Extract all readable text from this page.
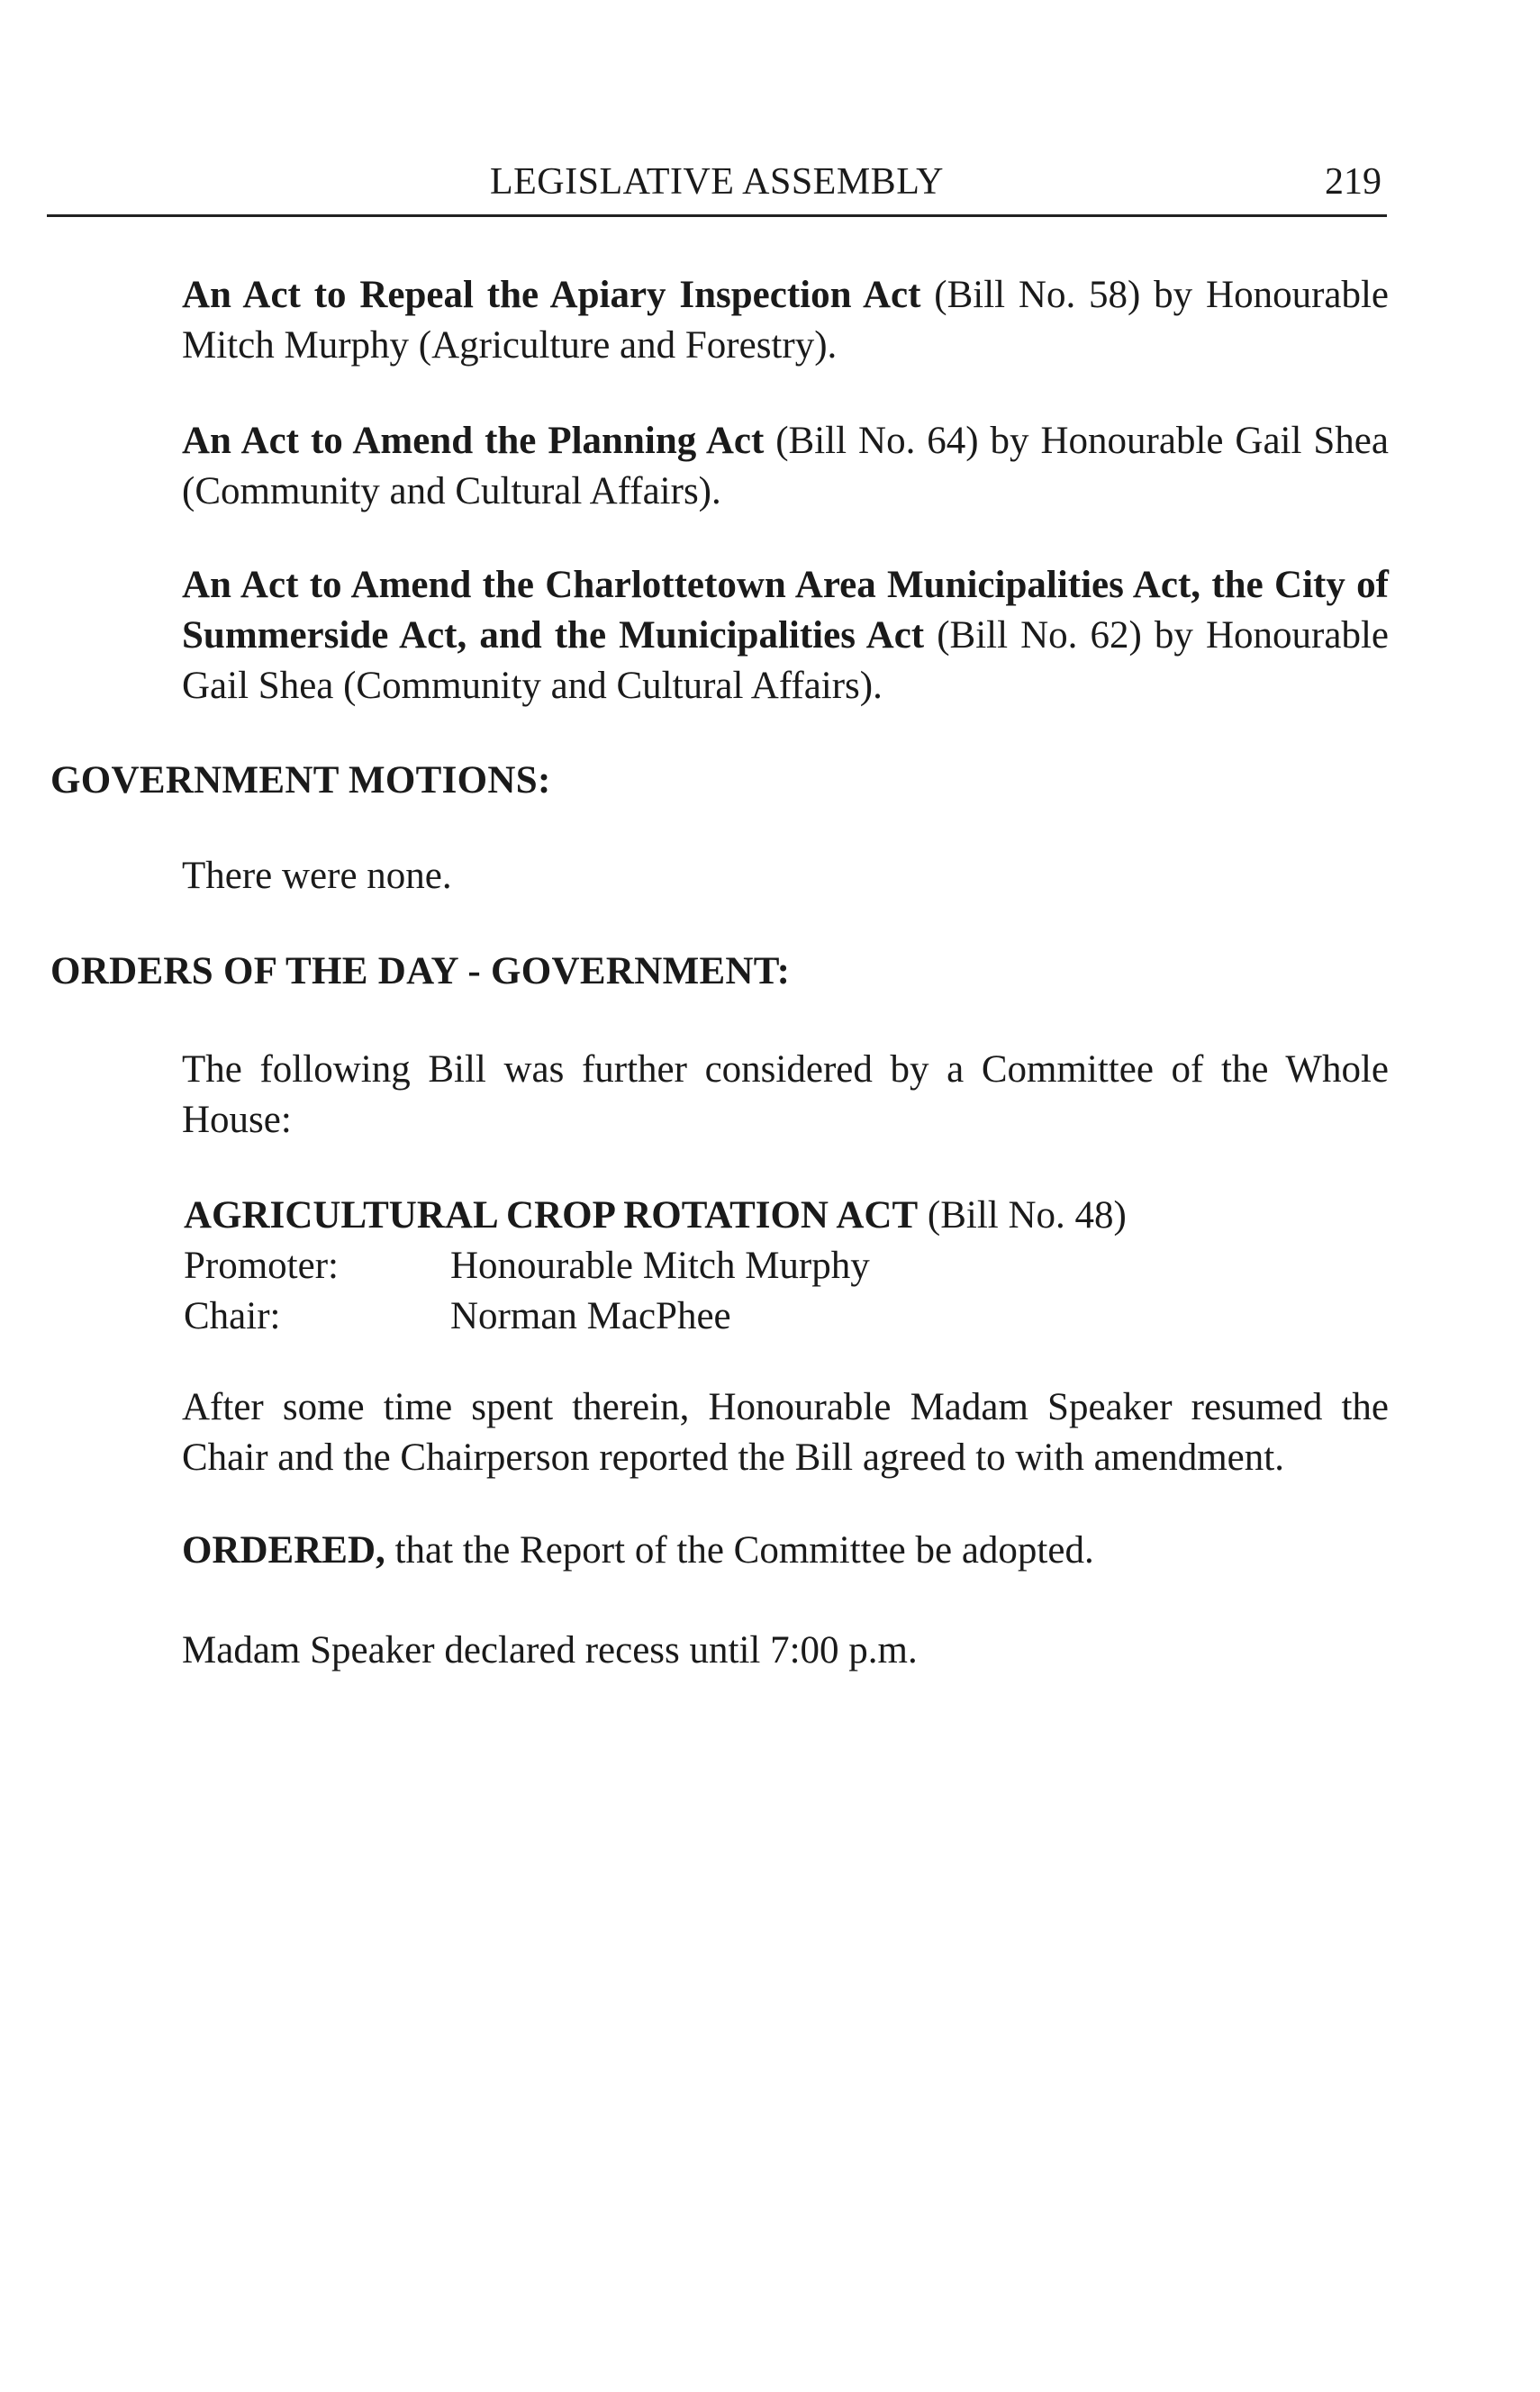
LEGISLATIVE ASSEMBLY	219
An Act to Repeal the Apiary Inspection Act (Bill No. 58) by Honourable Mitch Murphy (Agriculture and Forestry).
An Act to Amend the Planning Act (Bill No. 64) by Honourable Gail Shea (Community and Cultural Affairs).
An Act to Amend the Charlottetown Area Municipalities Act, the City of Summerside Act, and the Municipalities Act (Bill No. 62) by Honourable Gail Shea (Community and Cultural Affairs).
GOVERNMENT MOTIONS:
There were none.
ORDERS OF THE DAY - GOVERNMENT:
The following Bill was further considered by a Committee of the Whole House:
AGRICULTURAL CROP ROTATION ACT (Bill No. 48)
Promoter:	Honourable Mitch Murphy
Chair:	Norman MacPhee
After some time spent therein, Honourable Madam Speaker resumed the Chair and the Chairperson reported the Bill agreed to with amendment.
ORDERED, that the Report of the Committee be adopted.
Madam Speaker declared recess until 7:00 p.m.
